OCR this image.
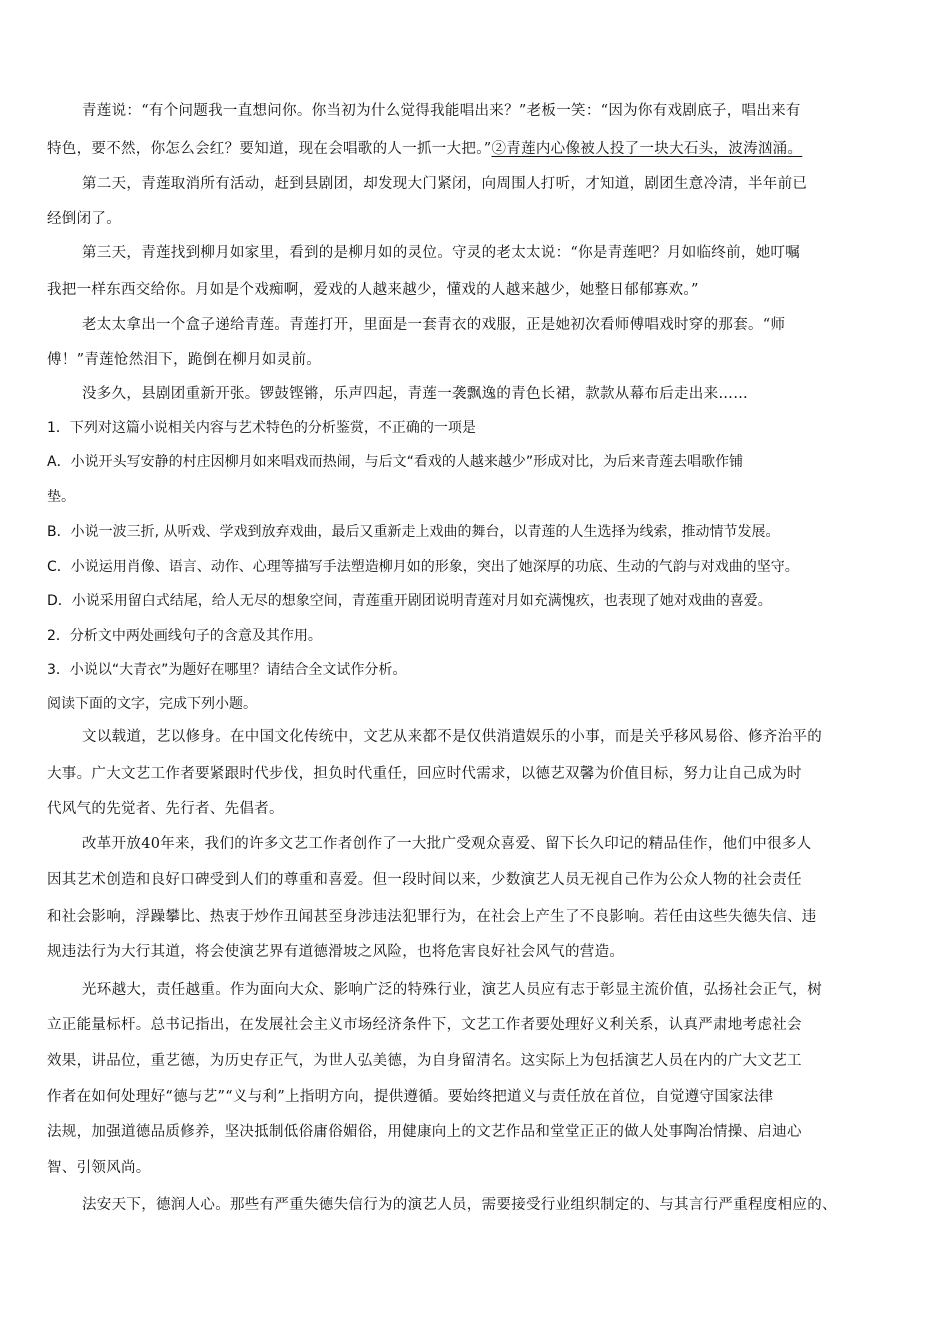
青莲说：“有个问题我一直想问你。你当初为什么觉得我能唱出来？”老板一笑：“因为你有戏剧底子，唱出来有
特色，要不然，你怎么会红？要知道，现在会唱歌的人一抓一大把。”②青莲内心像被人投了一块大石头，波涛汹涌。
第二天，青莲取消所有活动，赶到县剧团，却发现大门紧闭，向周围人打听，才知道，剧团生意冷清，半年前已
经倒闭了。
第三天，青莲找到柳月如家里，看到的是柳月如的灵位。守灵的老太太说：“你是青莲吧？月如临终前，她叮嘱
我把一样东西交给你。月如是个戏痴啊，爱戏的人越来越少，懂戏的人越来越少，她整日郁郁寡欢。”
老太太拿出一个盒子递给青莲。青莲打开，里面是一套青衣的戏服，正是她初次看师傅唱戏时穿的那套。“师
傅！”青莲怆然泪下，跪倒在柳月如灵前。
没多久，县剧团重新开张。锣鼓铿锵，乐声四起，青莲一袭飘逸的青色长裙，款款从幕布后走出来……
1．下列对这篇小说相关内容与艺术特色的分析鉴赏，不正确的一项是
A．小说开头写安静的村庄因柳月如来唱戏而热闹，与后文“看戏的人越来越少”形成对比，为后来青莲去唱歌作铺
垫。
B．小说一波三折, 从听戏、学戏到放弃戏曲，最后又重新走上戏曲的舞台，以青莲的人生选择为线索，推动情节发展。
C．小说运用肖像、语言、动作、心理等描写手法塑造柳月如的形象，突出了她深厚的功底、生动的气韵与对戏曲的坚守。
D．小说采用留白式结尾，给人无尽的想象空间，青莲重开剧团说明青莲对月如充满愧疚，也表现了她对戏曲的喜爱。
2．分析文中两处画线句子的含意及其作用。
3．小说以“大青衣”为题好在哪里？请结合全文试作分析。
阅读下面的文字，完成下列小题。
文以载道，艺以修身。在中国文化传统中，文艺从来都不是仅供消遣娱乐的小事，而是关乎移风易俗、修齐治平的
大事。广大文艺工作者要紧跟时代步伐，担负时代重任，回应时代需求，以德艺双馨为价值目标，努力让自己成为时
代风气的先觉者、先行者、先倡者。
改革开放40年来，我们的许多文艺工作者创作了一大批广受观众喜爱、留下长久印记的精品佳作，他们中很多人
因其艺术创造和良好口碑受到人们的尊重和喜爱。但一段时间以来，少数演艺人员无视自己作为公众人物的社会责任
和社会影响，浮躁攀比、热衷于炒作丑闻甚至身涉违法犯罪行为，在社会上产生了不良影响。若任由这些失德失信、违
规违法行为大行其道，将会使演艺界有道德滑坡之风险，也将危害良好社会风气的营造。
光环越大，责任越重。作为面向大众、影响广泛的特殊行业，演艺人员应有志于彰显主流价值，弘扬社会正气，树
立正能量标杆。总书记指出，在发展社会主义市场经济条件下，文艺工作者要处理好义利关系，认真严肃地考虑社会
效果，讲品位，重艺德，为历史存正气，为世人弘美德，为自身留清名。这实际上为包括演艺人员在内的广大文艺工
作者在如何处理好“德与艺”“义与利”上指明方向，提供遵循。要始终把道义与责任放在首位，自觉遵守国家法律
法规，加强道德品质修养，坚决抵制低俗庸俗媚俗，用健康向上的文艺作品和堂堂正正的做人处事陶冶情操、启迪心
智、引领风尚。
法安天下，德润人心。那些有严重失德失信行为的演艺人员，需要接受行业组织制定的、与其言行严重程度相应的、
